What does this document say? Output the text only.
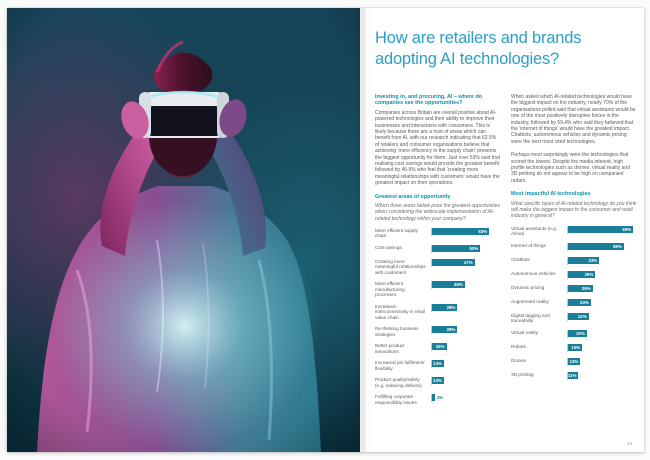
How are retailers and brands
adopting AI technologies?

Investing in, and procuring, AI – where do companies see the opportunities?

Companies across Britain are overall positive about AI-powered technologies and their ability to improve their businesses and interactions with consumers. This is likely because there are a host of areas which can benefit from AI, with our research indicating that 62.5% of retailers and consumer organisations believe that achieving 'more efficiency in the supply chain' presents the biggest opportunity for them. Just over 53% said that realising cost savings would provide the greatest benefit followed by 46.9% who feel that 'creating more meaningful relationships with customers' would have the greatest impact on their operations.

Greatest areas of opportunity

Which three areas below pose the greatest opportunities when considering the widescale implementation of AI-related technology within your company?

More efficient supply chain
63%
Cost savings	53%
Creating more meaningful relationships with customers
47%
More efficient manufacturing processes
36%
Increased interconnectivity in retail value chain
28%
Re-thinking business strategies
28%
Better product innovations
16%
Increased job fulfilment/ flexibility
13%
Product quality/safety (e.g. reducing defects)
13%
Fulfilling corporate responsibility issues
3%

When asked which AI-related technologies would have the biggest impact on the industry, nearly 70% of the organisations polled said that virtual assistants would be one of the most positively disruptive forces in the industry, followed by 59.4% who said they believed that the 'internet of things' would have the greatest impact. Chatbots, autonomous vehicles and dynamic pricing were the next most cited technologies.

Perhaps most surprisingly were the technologies that scored the lowest. Despite the media interest, high profile technologies such as drones, virtual reality and 3D printing do not appear to be high on companies' radars.

Most impactful AI technologies

What specific types of AI-related technology do you think will make the biggest impact to the consumer and retail industry in general?

Virtual assistants (e.g. Alexa)
69%
Internet of things	59%
Chatbots	33%
Autonomous vehicles	29%
Dynamic pricing	26%
Augmented reality	24%
Digital tagging and traceability
22%
Virtual reality	20%
Robots	15%
Drones	13%
3D printing	11%
13
